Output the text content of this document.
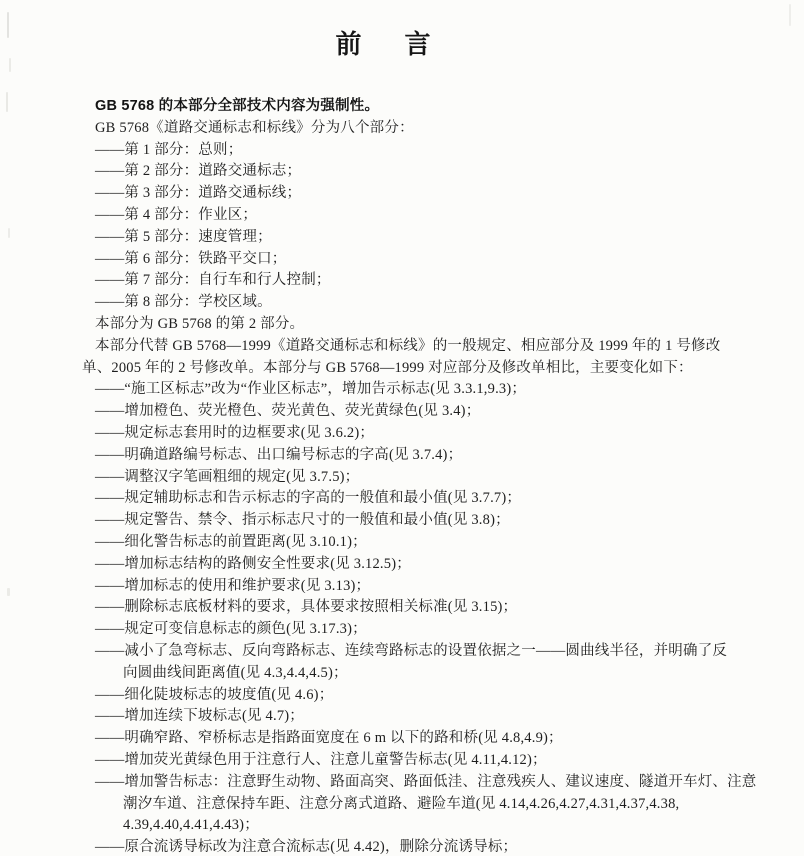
前言
GB 5768 的本部分全部技术内容为强制性。
GB 5768《道路交通标志和标线》分为八个部分：
——第 1 部分：总则；
——第 2 部分：道路交通标志；
——第 3 部分：道路交通标线；
——第 4 部分：作业区；
——第 5 部分：速度管理；
——第 6 部分：铁路平交口；
——第 7 部分：自行车和行人控制；
——第 8 部分：学校区域。
本部分为 GB 5768 的第 2 部分。
本部分代替 GB 5768—1999《道路交通标志和标线》的一般规定、相应部分及 1999 年的 1 号修改
单、2005 年的 2 号修改单。本部分与 GB 5768—1999 对应部分及修改单相比，主要变化如下：
——“施工区标志”改为“作业区标志”，增加告示标志(见 3.3.1,9.3)；
——增加橙色、荧光橙色、荧光黄色、荧光黄绿色(见 3.4)；
——规定标志套用时的边框要求(见 3.6.2)；
——明确道路编号标志、出口编号标志的字高(见 3.7.4)；
——调整汉字笔画粗细的规定(见 3.7.5)；
——规定辅助标志和告示标志的字高的一般值和最小值(见 3.7.7)；
——规定警告、禁令、指示标志尺寸的一般值和最小值(见 3.8)；
——细化警告标志的前置距离(见 3.10.1)；
——增加标志结构的路侧安全性要求(见 3.12.5)；
——增加标志的使用和维护要求(见 3.13)；
——删除标志底板材料的要求，具体要求按照相关标准(见 3.15)；
——规定可变信息标志的颜色(见 3.17.3)；
——减小了急弯标志、反向弯路标志、连续弯路标志的设置依据之一——圆曲线半径，并明确了反
向圆曲线间距离值(见 4.3,4.4,4.5)；
——细化陡坡标志的坡度值(见 4.6)；
——增加连续下坡标志(见 4.7)；
——明确窄路、窄桥标志是指路面宽度在 6 m 以下的路和桥(见 4.8,4.9)；
——增加荧光黄绿色用于注意行人、注意儿童警告标志(见 4.11,4.12)；
——增加警告标志：注意野生动物、路面高突、路面低洼、注意残疾人、建议速度、隧道开车灯、注意
潮汐车道、注意保持车距、注意分离式道路、避险车道(见 4.14,4.26,4.27,4.31,4.37,4.38,
4.39,4.40,4.41,4.43)；
——原合流诱导标改为注意合流标志(见 4.42)，删除分流诱导标；
